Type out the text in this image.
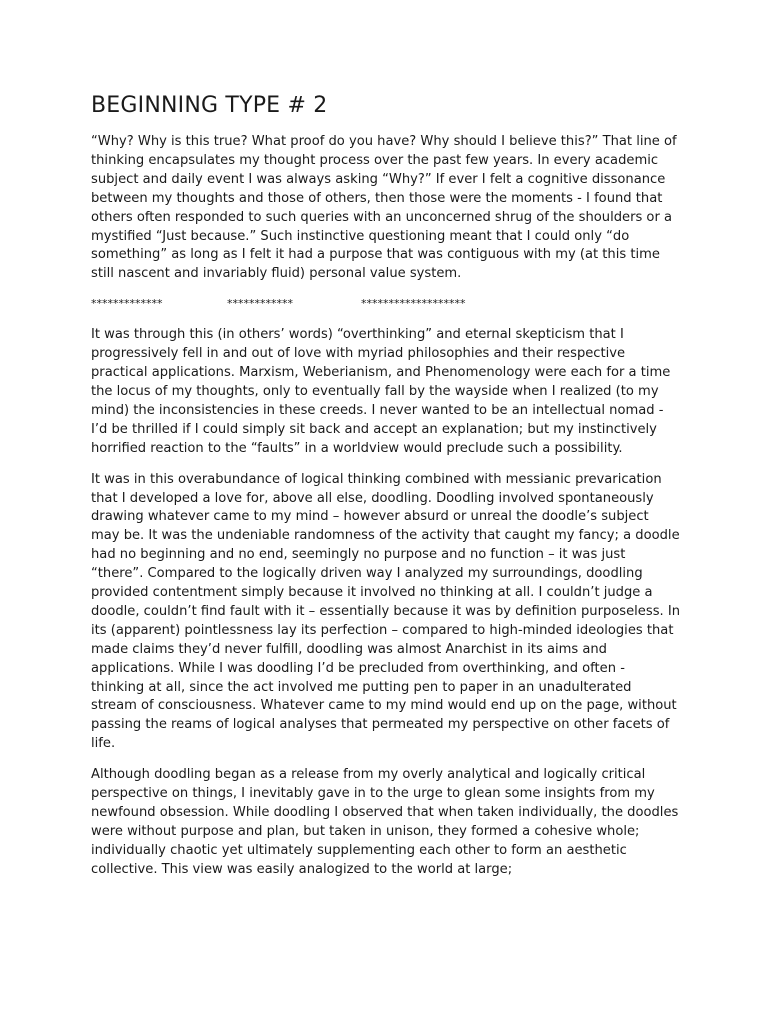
BEGINNING TYPE # 2

“Why? Why is this true? What proof do you have? Why should I believe this?” That line of thinking encapsulates my thought process over the past few years. In every academic subject and daily event I was always asking “Why?” If ever I felt a cognitive dissonance between my thoughts and those of others, then those were the moments - I found that others often responded to such queries with an unconcerned shrug of the shoulders or a mystified “Just because.” Such instinctive questioning meant that I could only “do something” as long as I felt it had a purpose that was contiguous with my (at this time still nascent and invariably fluid) personal value system.

*************	************	*******************

It was through this (in others’ words) “overthinking” and eternal skepticism that I progressively fell in and out of love with myriad philosophies and their respective practical applications. Marxism, Weberianism, and Phenomenology were each for a time the locus of my thoughts, only to eventually fall by the wayside when I realized (to my mind) the inconsistencies in these creeds. I never wanted to be an intellectual nomad - I’d be thrilled if I could simply sit back and accept an explanation; but my instinctively horrified reaction to the “faults” in a worldview would preclude such a possibility.

It was in this overabundance of logical thinking combined with messianic prevarication that I developed a love for, above all else, doodling. Doodling involved spontaneously drawing whatever came to my mind – however absurd or unreal the doodle’s subject may be. It was the undeniable randomness of the activity that caught my fancy; a doodle had no beginning and no end, seemingly no purpose and no function – it was just “there”. Compared to the logically driven way I analyzed my surroundings, doodling provided contentment simply because it involved no thinking at all. I couldn’t judge a doodle, couldn’t find fault with it – essentially because it was by definition purposeless. In its (apparent) pointlessness lay its perfection – compared to high-minded ideologies that made claims they’d never fulfill, doodling was almost Anarchist in its aims and applications. While I was doodling I’d be precluded from overthinking, and often - thinking at all, since the act involved me putting pen to paper in an unadulterated stream of consciousness. Whatever came to my mind would end up on the page, without passing the reams of logical analyses that permeated my perspective on other facets of life.

Although doodling began as a release from my overly analytical and logically critical perspective on things, I inevitably gave in to the urge to glean some insights from my newfound obsession. While doodling I observed that when taken individually, the doodles were without purpose and plan, but taken in unison, they formed a cohesive whole; individually chaotic yet ultimately supplementing each other to form an aesthetic collective. This view was easily analogized to the world at large;
